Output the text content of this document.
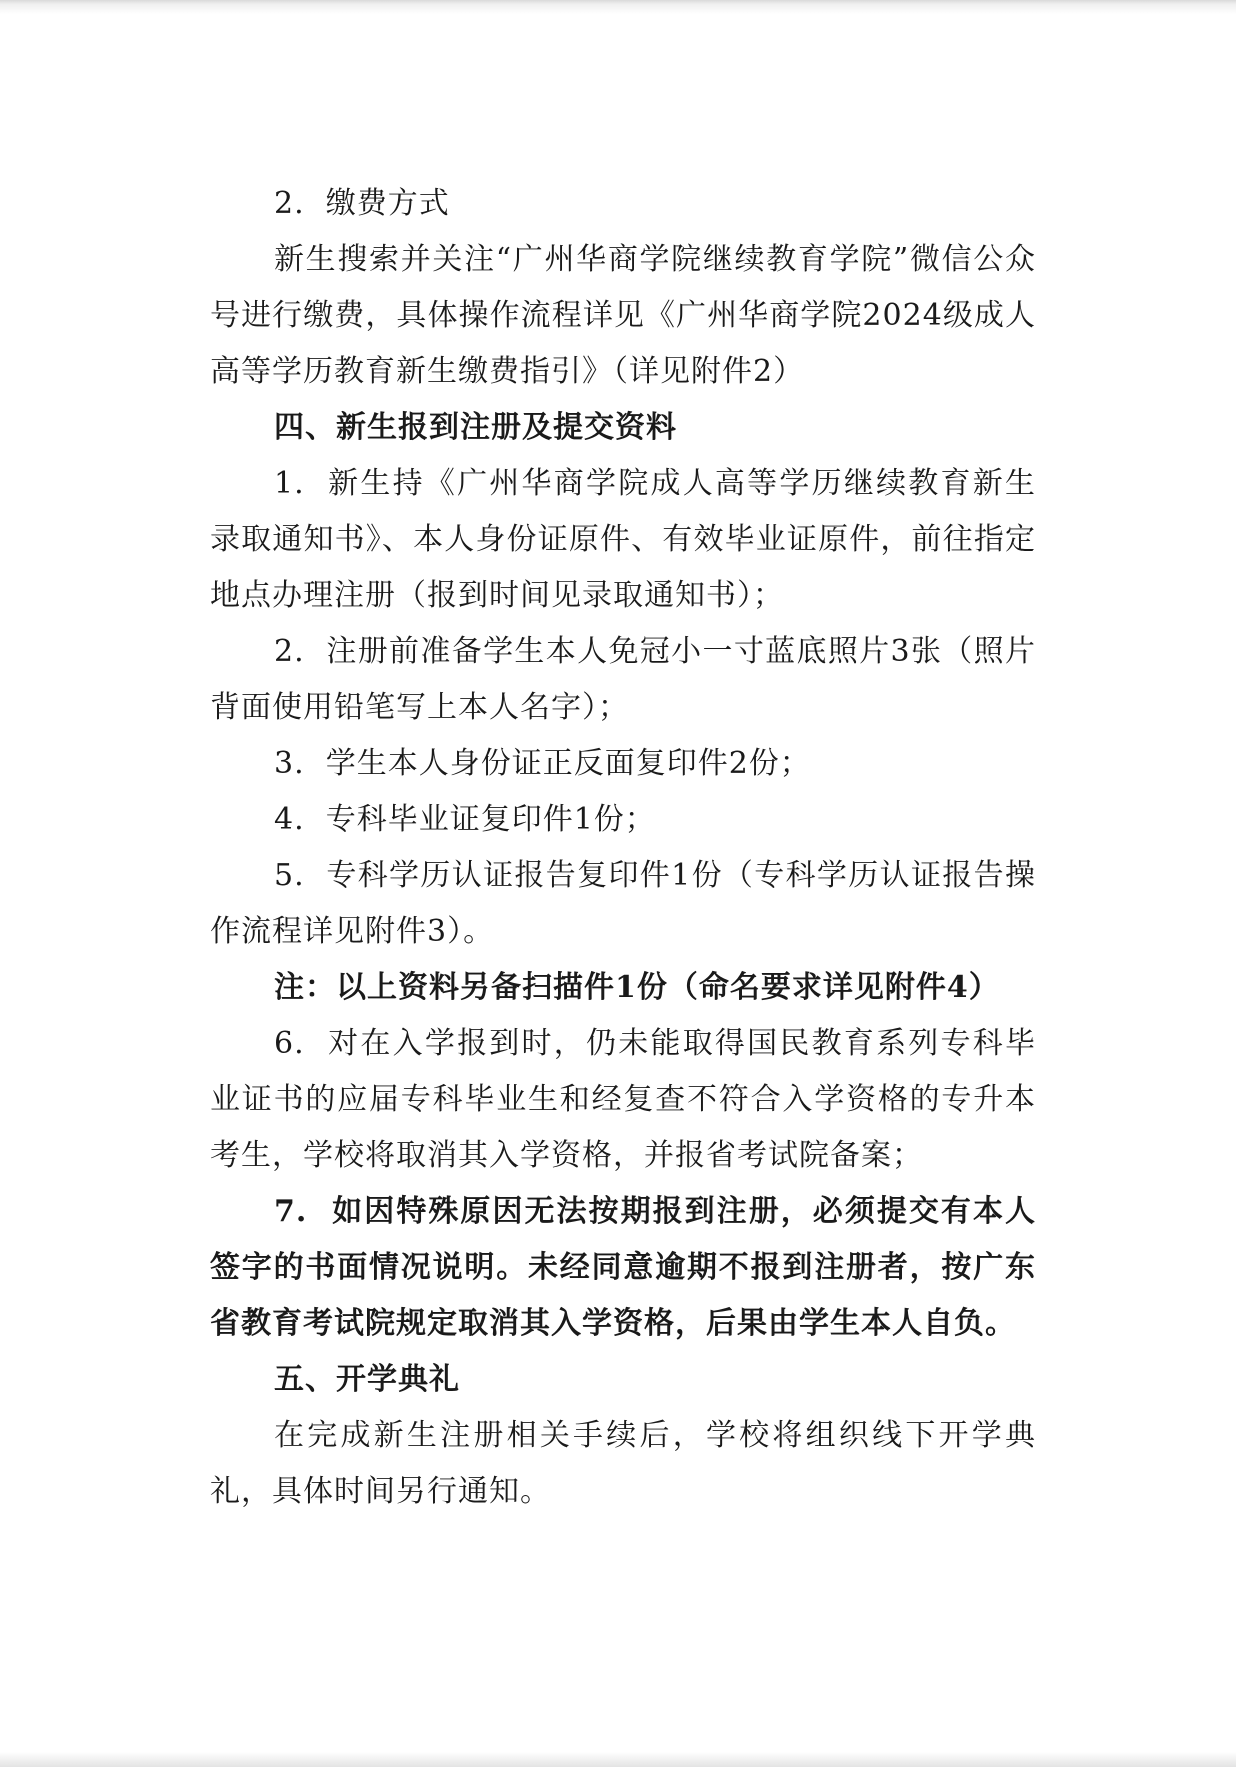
2.  缴费方式

新生搜索并关注“广州华商学院继续教育学院”微信公众号进行缴费，具体操作流程详见《广州华商学院2024级成人高等学历教育新生缴费指引》（详见附件2）

四、新生报到注册及提交资料

1.  新生持《广州华商学院成人高等学历继续教育新生录取通知书》、本人身份证原件、有效毕业证原件，前往指定地点办理注册（报到时间见录取通知书）；

2.  注册前准备学生本人免冠小一寸蓝底照片3张（照片背面使用铅笔写上本人名字）；

3.  学生本人身份证正反面复印件2份；

4.  专科毕业证复印件1份；

5.  专科学历认证报告复印件1份（专科学历认证报告操作流程详见附件3）。

注：以上资料另备扫描件1份（命名要求详见附件4）

6.  对在入学报到时，仍未能取得国民教育系列专科毕业证书的应届专科毕业生和经复查不符合入学资格的专升本考生，学校将取消其入学资格，并报省考试院备案；

7.  如因特殊原因无法按期报到注册，必须提交有本人签字的书面情况说明。未经同意逾期不报到注册者，按广东省教育考试院规定取消其入学资格，后果由学生本人自负。

五、开学典礼

在完成新生注册相关手续后，学校将组织线下开学典礼，具体时间另行通知。
